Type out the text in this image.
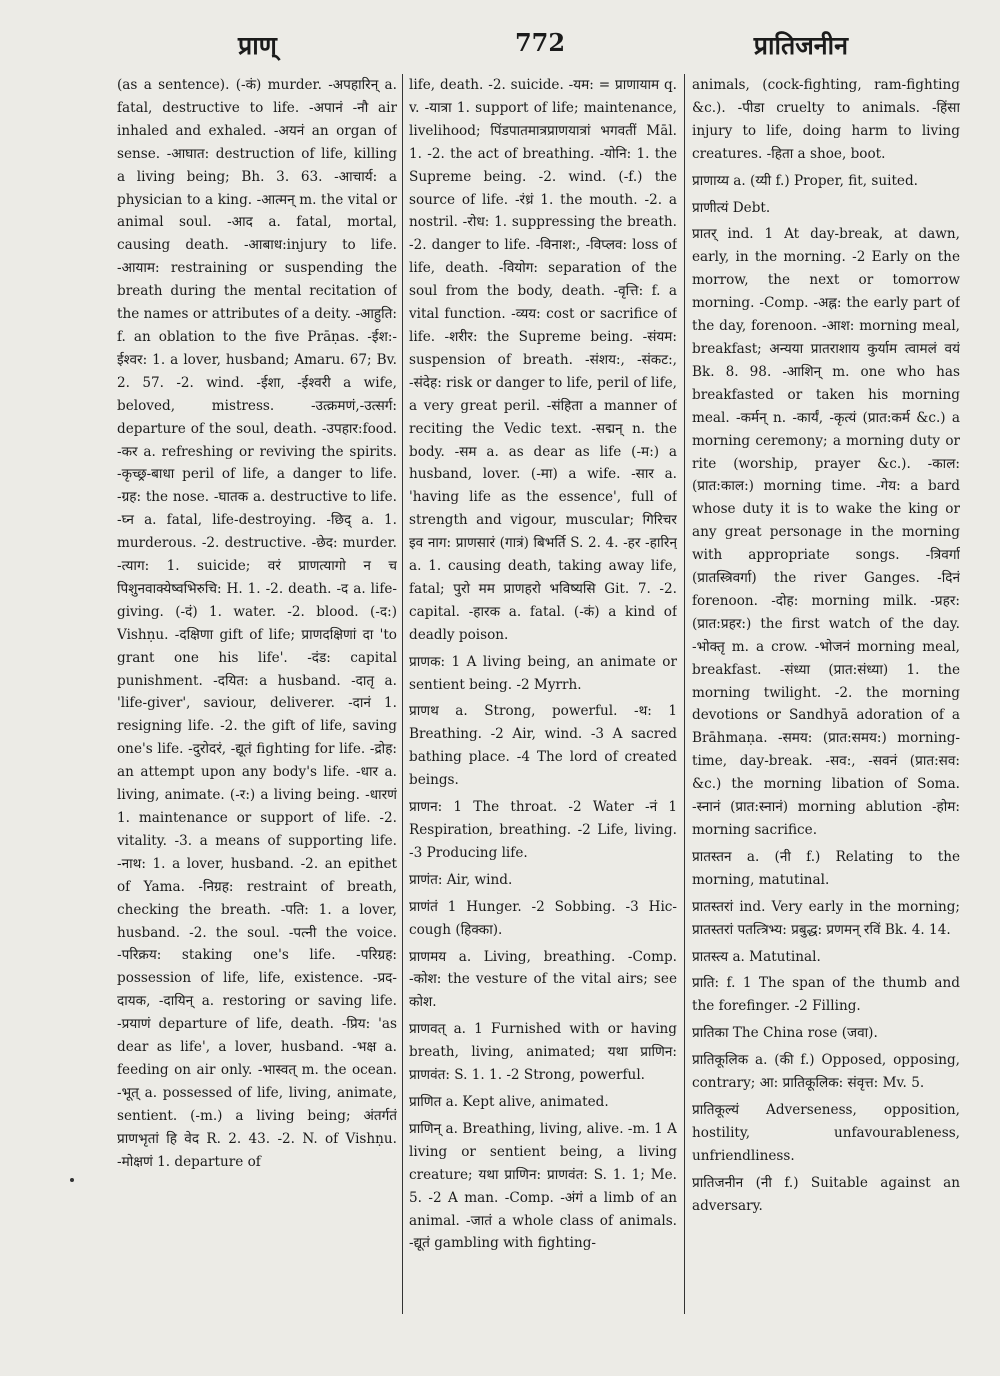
प्राण्	772	प्रातिजनीन

(as a sentence). (-कं) murder. -अपहारिन् a. fatal, destructive to life. -अपानं -नौ air inhaled and exhaled. -अयनं an organ of sense. -आघात: destruction of life, killing a living being; Bh. 3. 63. -आचार्य: a physician to a king. -आत्मन् m. the vital or animal soul. -आद a. fatal, mortal, causing death. -आबाध:injury to life. -आयाम: restraining or suspending the breath during the mental recitation of the names or attributes of a deity. -आहुति: f. an oblation to the five Prāṇas. -ईश:-ईश्वर: 1. a lover, husband; Amaru. 67; Bv. 2. 57. -2. wind. -ईशा, -ईश्वरी a wife, beloved, mistress. -उत्क्रमणं,-उत्सर्ग: departure of the soul, death. -उपहार:food. -कर a. refreshing or reviving the spirits. -कृच्छ्र-बाधा peril of life, a danger to life. -ग्रह: the nose. -घातक a. destructive to life. -घ्न a. fatal, life-destroying. -छिद् a. 1. murderous. -2. destructive. -छेद: murder. -त्याग: 1. suicide; वरं प्राणत्यागो न च पिशुनवाक्येष्वभिरुचि: H. 1. -2. death. -द a. life-giving. (-दं) 1. water. -2. blood. (-द:) Vishṇu. -दक्षिणा gift of life; प्राणदक्षिणां दा 'to grant one his life'. -दंड: capital punishment. -दयित: a husband. -दातृ a. 'life-giver', saviour, deliverer. -दानं 1. resigning life. -2. the gift of life, saving one's life. -दुरोदरं, -द्यूतं fighting for life. -द्रोह: an attempt upon any body's life. -धार a. living, animate. (-र:) a living being. -धारणं 1. maintenance or support of life. -2. vitality. -3. a means of supporting life. -नाथ: 1. a lover, husband. -2. an epithet of Yama. -निग्रह: restraint of breath, checking the breath. -पति: 1. a lover, husband. -2. the soul. -पत्नी the voice. -परिक्रय: staking one's life. -परिग्रह: possession of life, life, existence. -प्रद-दायक, -दायिन् a. restoring or saving life. -प्रयाणं departure of life, death. -प्रिय: 'as dear as life', a lover, husband. -भक्ष a. feeding on air only. -भास्वत् m. the ocean. -भूत् a. possessed of life, living, animate, sentient. (-m.) a living being; अंतर्गतं प्राणभृतां हि वेद R. 2. 43. -2. N. of Vishṇu. -मोक्षणं 1. departure of

life, death. -2. suicide. -यम: = प्राणायाम q. v. -यात्रा 1. support of life; maintenance, livelihood; पिंडपातमात्रप्राणयात्रां भगवतीं Māl. 1. -2. the act of breathing. -योनि: 1. the Supreme being. -2. wind. (-f.) the source of life. -रंध्रं 1. the mouth. -2. a nostril. -रोध: 1. suppressing the breath. -2. danger to life. -विनाश:, -विप्लव: loss of life, death. -वियोग: separation of the soul from the body, death. -वृत्ति: f. a vital function. -व्यय: cost or sacrifice of life. -शरीर: the Supreme being. -संयम: suspension of breath. -संशय:, -संकट:, -संदेह: risk or danger to life, peril of life, a very great peril. -संहिता a manner of reciting the Vedic text. -सद्मन् n. the body. -सम a. as dear as life (-म:) a husband, lover. (-मा) a wife. -सार a. 'having life as the essence', full of strength and vigour, muscular; गिरिचर इव नाग: प्राणसारं (गात्रं) बिभर्ति S. 2. 4. -हर -हारिन् a. 1. causing death, taking away life, fatal; पुरो मम प्राणहरो भविष्यसि Git. 7. -2. capital. -हारक a. fatal. (-कं) a kind of deadly poison.

प्राणक: 1 A living being, an animate or sentient being. -2 Myrrh.

प्राणथ a. Strong, powerful. -थ: 1 Breathing. -2 Air, wind. -3 A sacred bathing place. -4 The lord of created beings.

प्राणन: 1 The throat. -2 Water -नं 1 Respiration, breathing. -2 Life, living. -3 Producing life.

प्राणंत: Air, wind.

प्राणंतं 1 Hunger. -2 Sobbing. -3 Hic-cough (हिक्का).

प्राणमय a. Living, breathing. -Comp. -कोश: the vesture of the vital airs; see कोश.

प्राणवत् a. 1 Furnished with or having breath, living, animated; यथा प्राणिन: प्राणवंत: S. 1. 1. -2 Strong, powerful.

प्राणित a. Kept alive, animated.

प्राणिन् a. Breathing, living, alive. -m. 1 A living or sentient being, a living creature; यथा प्राणिन: प्राणवंत: S. 1. 1; Me. 5. -2 A man. -Comp. -अंगं a limb of an animal. -जातं a whole class of animals. -द्यूतं gambling with fighting-

animals, (cock-fighting, ram-fighting &c.). -पीडा cruelty to animals. -हिंसा injury to life, doing harm to living creatures. -हिता a shoe, boot.

प्राणाय्य a. (य्यी f.) Proper, fit, suited.

प्राणीत्यं Debt.

प्रातर् ind. 1 At day-break, at dawn, early, in the morning. -2 Early on the morrow, the next or tomorrow morning. -Comp. -अह्न: the early part of the day, forenoon. -आश: morning meal, breakfast; अन्यया प्रातराशाय कुर्याम त्वामलं वयं Bk. 8. 98. -आशिन् m. one who has breakfasted or taken his morning meal. -कर्मन् n. -कार्यं, -कृत्यं (प्रात:कर्म &c.) a morning ceremony; a morning duty or rite (worship, prayer &c.). -काल: (प्रात:काल:) morning time. -गेय: a bard whose duty it is to wake the king or any great personage in the morning with appropriate songs. -त्रिवर्गा (प्रातस्त्रिवर्गा) the river Ganges. -दिनं forenoon. -दोह: morning milk. -प्रहर: (प्रात:प्रहर:) the first watch of the day. -भोक्तृ m. a crow. -भोजनं morning meal, breakfast. -संध्या (प्रात:संध्या) 1. the morning twilight. -2. the morning devotions or Sandhyā adoration of a Brāhmaṇa. -समय: (प्रात:समय:) morning-time, day-break. -सव:, -सवनं (प्रात:सव: &c.) the morning libation of Soma. -स्नानं (प्रात:स्नानं) morning ablution -होम: morning sacrifice.

प्रातस्तन a. (नी f.) Relating to the morning, matutinal.

प्रातस्तरां ind. Very early in the morning; प्रातस्तरां पतत्त्रिभ्य: प्रबुद्ध: प्रणमन् रविं Bk. 4. 14.

प्रातस्त्य a. Matutinal.

प्राति: f. 1 The span of the thumb and the forefinger. -2 Filling.

प्रातिका The China rose (जवा).

प्रातिकूलिक a. (की f.) Opposed, opposing, contrary; आ: प्रातिकूलिक: संवृत्त: Mv. 5.

प्रातिकूल्यं Adverseness, opposition, hostility, unfavourableness, unfriendliness.

प्रातिजनीन (नी f.) Suitable against an adversary.
